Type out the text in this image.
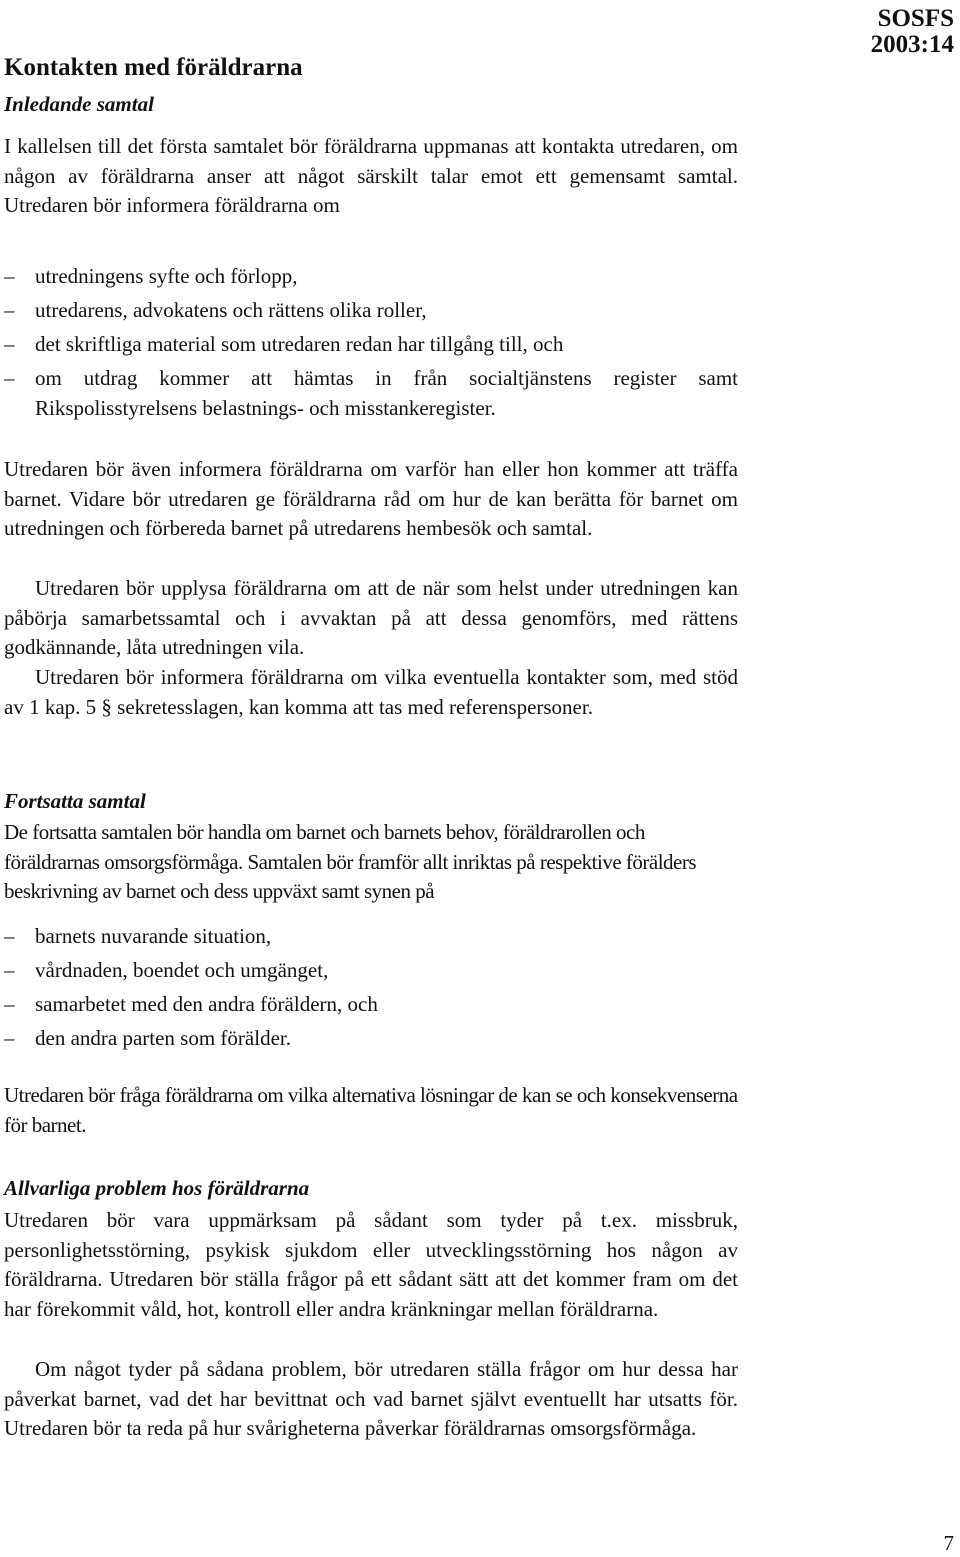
SOSFS
2003:14
Kontakten med föräldrarna
Inledande samtal

I kallelsen till det första samtalet bör föräldrarna uppmanas att kontakta utredaren, om någon av föräldrarna anser att något särskilt talar emot ett gemensamt samtal. Utredaren bör informera föräldrarna om

– utredningens syfte och förlopp,
– utredarens, advokatens och rättens olika roller,
– det skriftliga material som utredaren redan har tillgång till, och
– om utdrag kommer att hämtas in från socialtjänstens register samt Rikspolisstyrelsens belastnings- och misstankeregister.

Utredaren bör även informera föräldrarna om varför han eller hon kommer att träffa barnet. Vidare bör utredaren ge föräldrarna råd om hur de kan berätta för barnet om utredningen och förbereda barnet på utredarens hembesök och samtal.

Utredaren bör upplysa föräldrarna om att de när som helst under utredningen kan påbörja samarbetssamtal och i avvaktan på att dessa genomförs, med rättens godkännande, låta utredningen vila.

Utredaren bör informera föräldrarna om vilka eventuella kontakter som, med stöd av 1 kap. 5 § sekretesslagen, kan komma att tas med referenspersoner.

Fortsatta samtal

De fortsatta samtalen bör handla om barnet och barnets behov, föräldrarollen och föräldrarnas omsorgsförmåga. Samtalen bör framför allt inriktas på respektive förälders beskrivning av barnet och dess uppväxt samt synen på

– barnets nuvarande situation,
– vårdnaden, boendet och umgänget,
– samarbetet med den andra föräldern, och
– den andra parten som förälder.

Utredaren bör fråga föräldrarna om vilka alternativa lösningar de kan se och konsekvenserna för barnet.

Allvarliga problem hos föräldrarna

Utredaren bör vara uppmärksam på sådant som tyder på t.ex. missbruk, personlighetsstörning, psykisk sjukdom eller utvecklingsstörning hos någon av föräldrarna. Utredaren bör ställa frågor på ett sådant sätt att det kommer fram om det har förekommit våld, hot, kontroll eller andra kränkningar mellan föräldrarna.

Om något tyder på sådana problem, bör utredaren ställa frågor om hur dessa har påverkat barnet, vad det har bevittnat och vad barnet självt eventuellt har utsatts för. Utredaren bör ta reda på hur svårigheterna påverkar föräldrarnas omsorgsförmåga.

7
